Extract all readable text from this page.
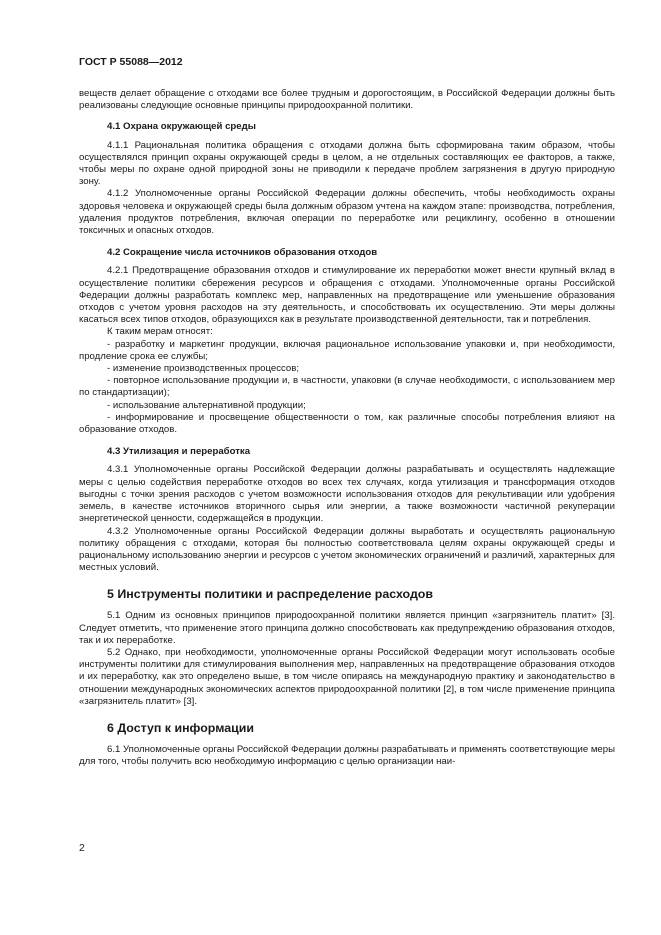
ГОСТ Р 55088—2012

веществ делает обращение с отходами все более трудным и дорогостоящим, в Российской Федерации должны быть реализованы следующие основные принципы природоохранной политики.

4.1 Охрана окружающей среды

4.1.1 Рациональная политика обращения с отходами должна быть сформирована таким образом, чтобы осуществлялся принцип охраны окружающей среды в целом, а не отдельных составляющих ее факторов, а также, чтобы меры по охране одной природной зоны не приводили к передаче проблем загрязнения в другую природную зону.

4.1.2 Уполномоченные органы Российской Федерации должны обеспечить, чтобы необходимость охраны здоровья человека и окружающей среды была должным образом учтена на каждом этапе: производства, потребления, удаления продуктов потребления, включая операции по переработке или рециклингу, особенно в отношении токсичных и опасных отходов.

4.2 Сокращение числа источников образования отходов

4.2.1 Предотвращение образования отходов и стимулирование их переработки может внести крупный вклад в осуществление политики сбережения ресурсов и обращения с отходами. Уполномоченные органы Российской Федерации должны разработать комплекс мер, направленных на предотвращение или уменьшение образования отходов с учетом уровня расходов на эту деятельность, и способствовать их осуществлению. Эти меры должны касаться всех типов отходов, образующихся как в результате производственной деятельности, так и потребления.

К таким мерам относят:

- разработку и маркетинг продукции, включая рациональное использование упаковки и, при необходимости, продление срока ее службы;

- изменение производственных процессов;

- повторное использование продукции и, в частности, упаковки (в случае необходимости, с использованием мер по стандартизации);

- использование альтернативной продукции;

- информирование и просвещение общественности о том, как различные способы потребления влияют на образование отходов.

4.3 Утилизация и переработка

4.3.1 Уполномоченные органы Российской Федерации должны разрабатывать и осуществлять надлежащие меры с целью содействия переработке отходов во всех тех случаях, когда утилизация и трансформация отходов выгодны с точки зрения расходов с учетом возможности использования отходов для рекультивации или удобрения земель, в качестве источников вторичного сырья или энергии, а также возможности частичной рекуперации энергетической ценности, содержащейся в продукции.

4.3.2 Уполномоченные органы Российской Федерации должны выработать и осуществлять рациональную политику обращения с отходами, которая бы полностью соответствовала целям охраны окружающей среды и рациональному использованию энергии и ресурсов с учетом экономических ограничений и различий, характерных для местных условий.

5 Инструменты политики и распределение расходов

5.1 Одним из основных принципов природоохранной политики является принцип «загрязнитель платит» [3]. Следует отметить, что применение этого принципа должно способствовать как предупреждению образования отходов, так и их переработке.

5.2 Однако, при необходимости, уполномоченные органы Российской Федерации могут использовать особые инструменты политики для стимулирования выполнения мер, направленных на предотвращение образования отходов и их переработку, как это определено выше, в том числе опираясь на международную практику и законодательство в отношении международных экономических аспектов природоохранной политики [2], в том числе применение принципа «загрязнитель платит» [3].

6 Доступ к информации

6.1 Уполномоченные органы Российской Федерации должны разрабатывать и применять соответствующие меры для того, чтобы получить всю необходимую информацию с целью организации наи-

2
